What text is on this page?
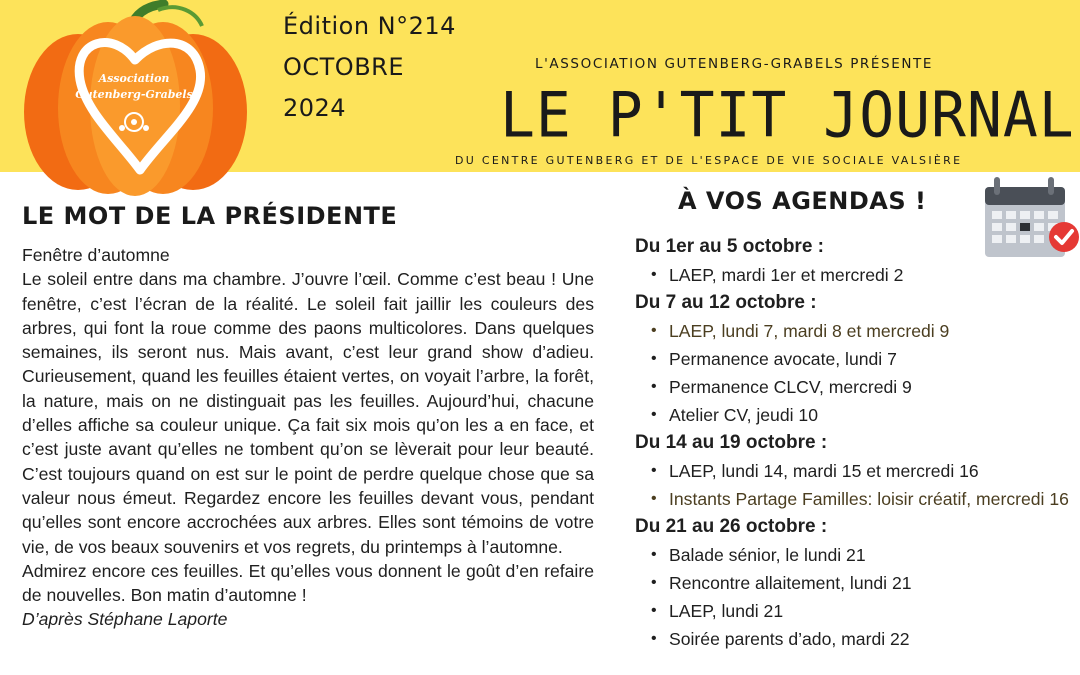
Association
Gutenberg-Grabels
Édition N°214
OCTOBRE
2024
L'ASSOCIATION GUTENBERG-GRABELS PRÉSENTE
LE P'TIT JOURNAL
DU CENTRE GUTENBERG ET DE L'ESPACE DE VIE SOCIALE VALSIÈRE
LE MOT DE LA PRÉSIDENTE

Fenêtre d’automne

Le soleil entre dans ma chambre. J’ouvre l’œil. Comme c’est beau ! Une fenêtre, c’est l’écran de la réalité. Le soleil fait jaillir les couleurs des arbres, qui font la roue comme des paons multicolores. Dans quelques semaines, ils seront nus. Mais avant, c’est leur grand show d’adieu. Curieusement, quand les feuilles étaient vertes, on voyait l’arbre, la forêt, la nature, mais on ne distinguait pas les feuilles. Aujourd’hui, chacune d’elles affiche sa couleur unique. Ça fait six mois qu’on les a en face, et c’est juste avant qu’elles ne tombent qu’on se lèverait pour leur beauté. C’est toujours quand on est sur le point de perdre quelque chose que sa valeur nous émeut. Regardez encore les feuilles devant vous, pendant qu’elles sont encore accrochées aux arbres. Elles sont témoins de votre vie, de vos beaux souvenirs et vos regrets, du printemps à l’automne.

Admirez encore ces feuilles. Et qu’elles vous donnent le goût d’en refaire de nouvelles. Bon matin d’automne !

D’après Stéphane Laporte

À VOS AGENDAS !
Du 1er au 5 octobre :
• LAEP, mardi 1er et mercredi 2
Du 7 au 12 octobre :
• LAEP, lundi 7, mardi 8 et mercredi 9
• Permanence avocate, lundi 7
• Permanence CLCV, mercredi 9
• Atelier CV, jeudi 10
Du 14 au 19 octobre :
• LAEP, lundi 14, mardi 15 et mercredi 16
• Instants Partage Familles: loisir créatif, mercredi 16
Du 21 au 26 octobre :
• Balade sénior, le lundi 21
• Rencontre allaitement, lundi 21
• LAEP, lundi 21
• Soirée parents d’ado, mardi 22
